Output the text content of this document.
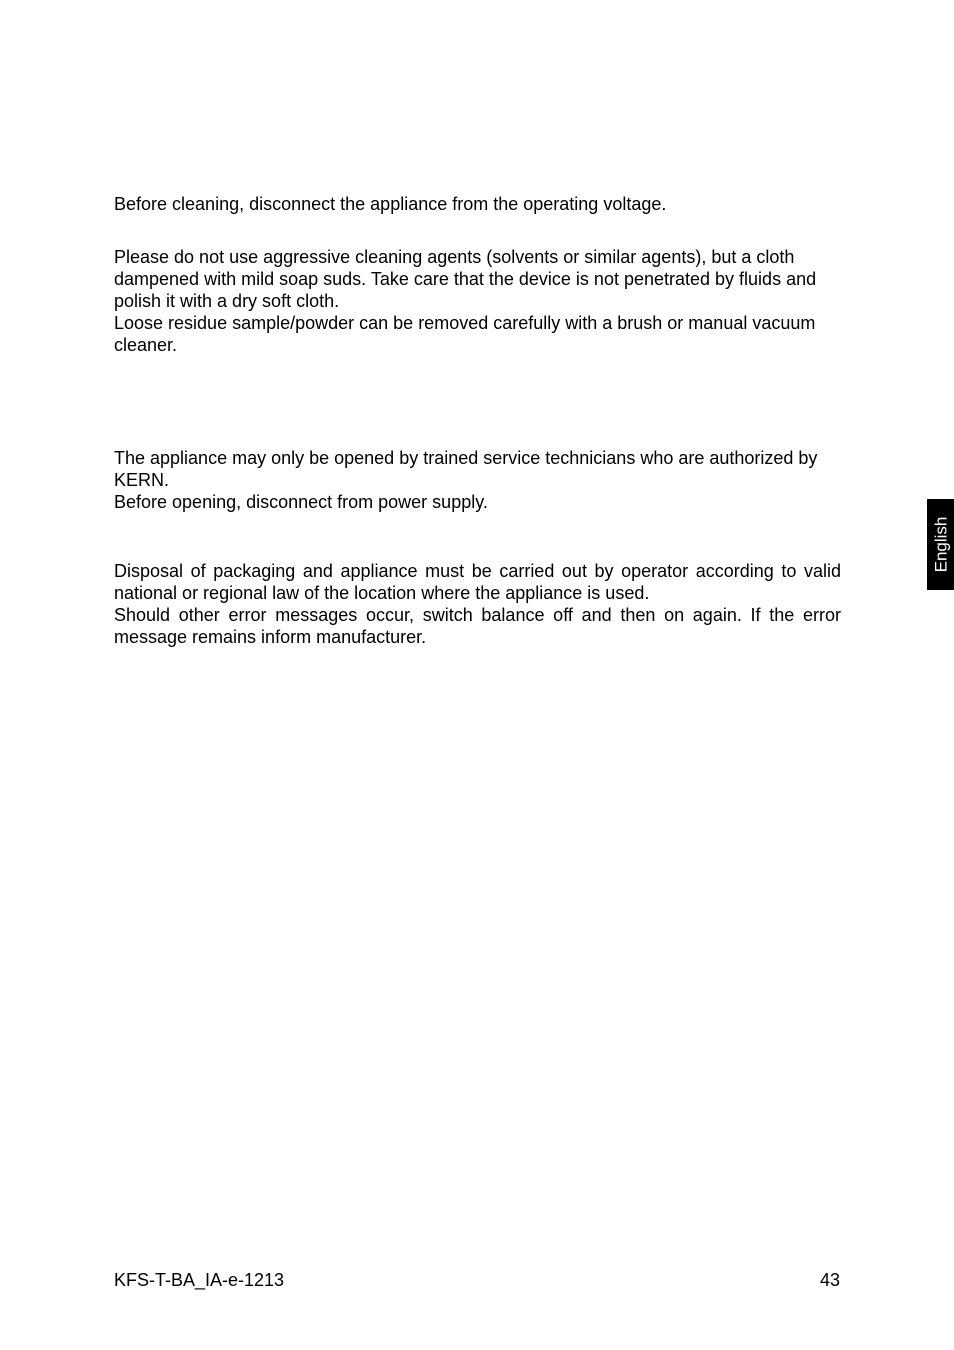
Before cleaning, disconnect the appliance from the operating voltage.

Please do not use aggressive cleaning agents (solvents or similar agents), but a cloth dampened with mild soap suds. Take care that the device is not penetrated by fluids and polish it with a dry soft cloth.

Loose residue sample/powder can be removed carefully with a brush or manual vacuum cleaner.

The appliance may only be opened by trained service technicians who are authorized by KERN.

Before opening, disconnect from power supply.

Disposal of packaging and appliance must be carried out by operator according to valid national or regional law of the location where the appliance is used.

Should other error messages occur, switch balance off and then on again. If the error message remains inform manufacturer.

English

KFS-T-BA_IA-e-1213	43
